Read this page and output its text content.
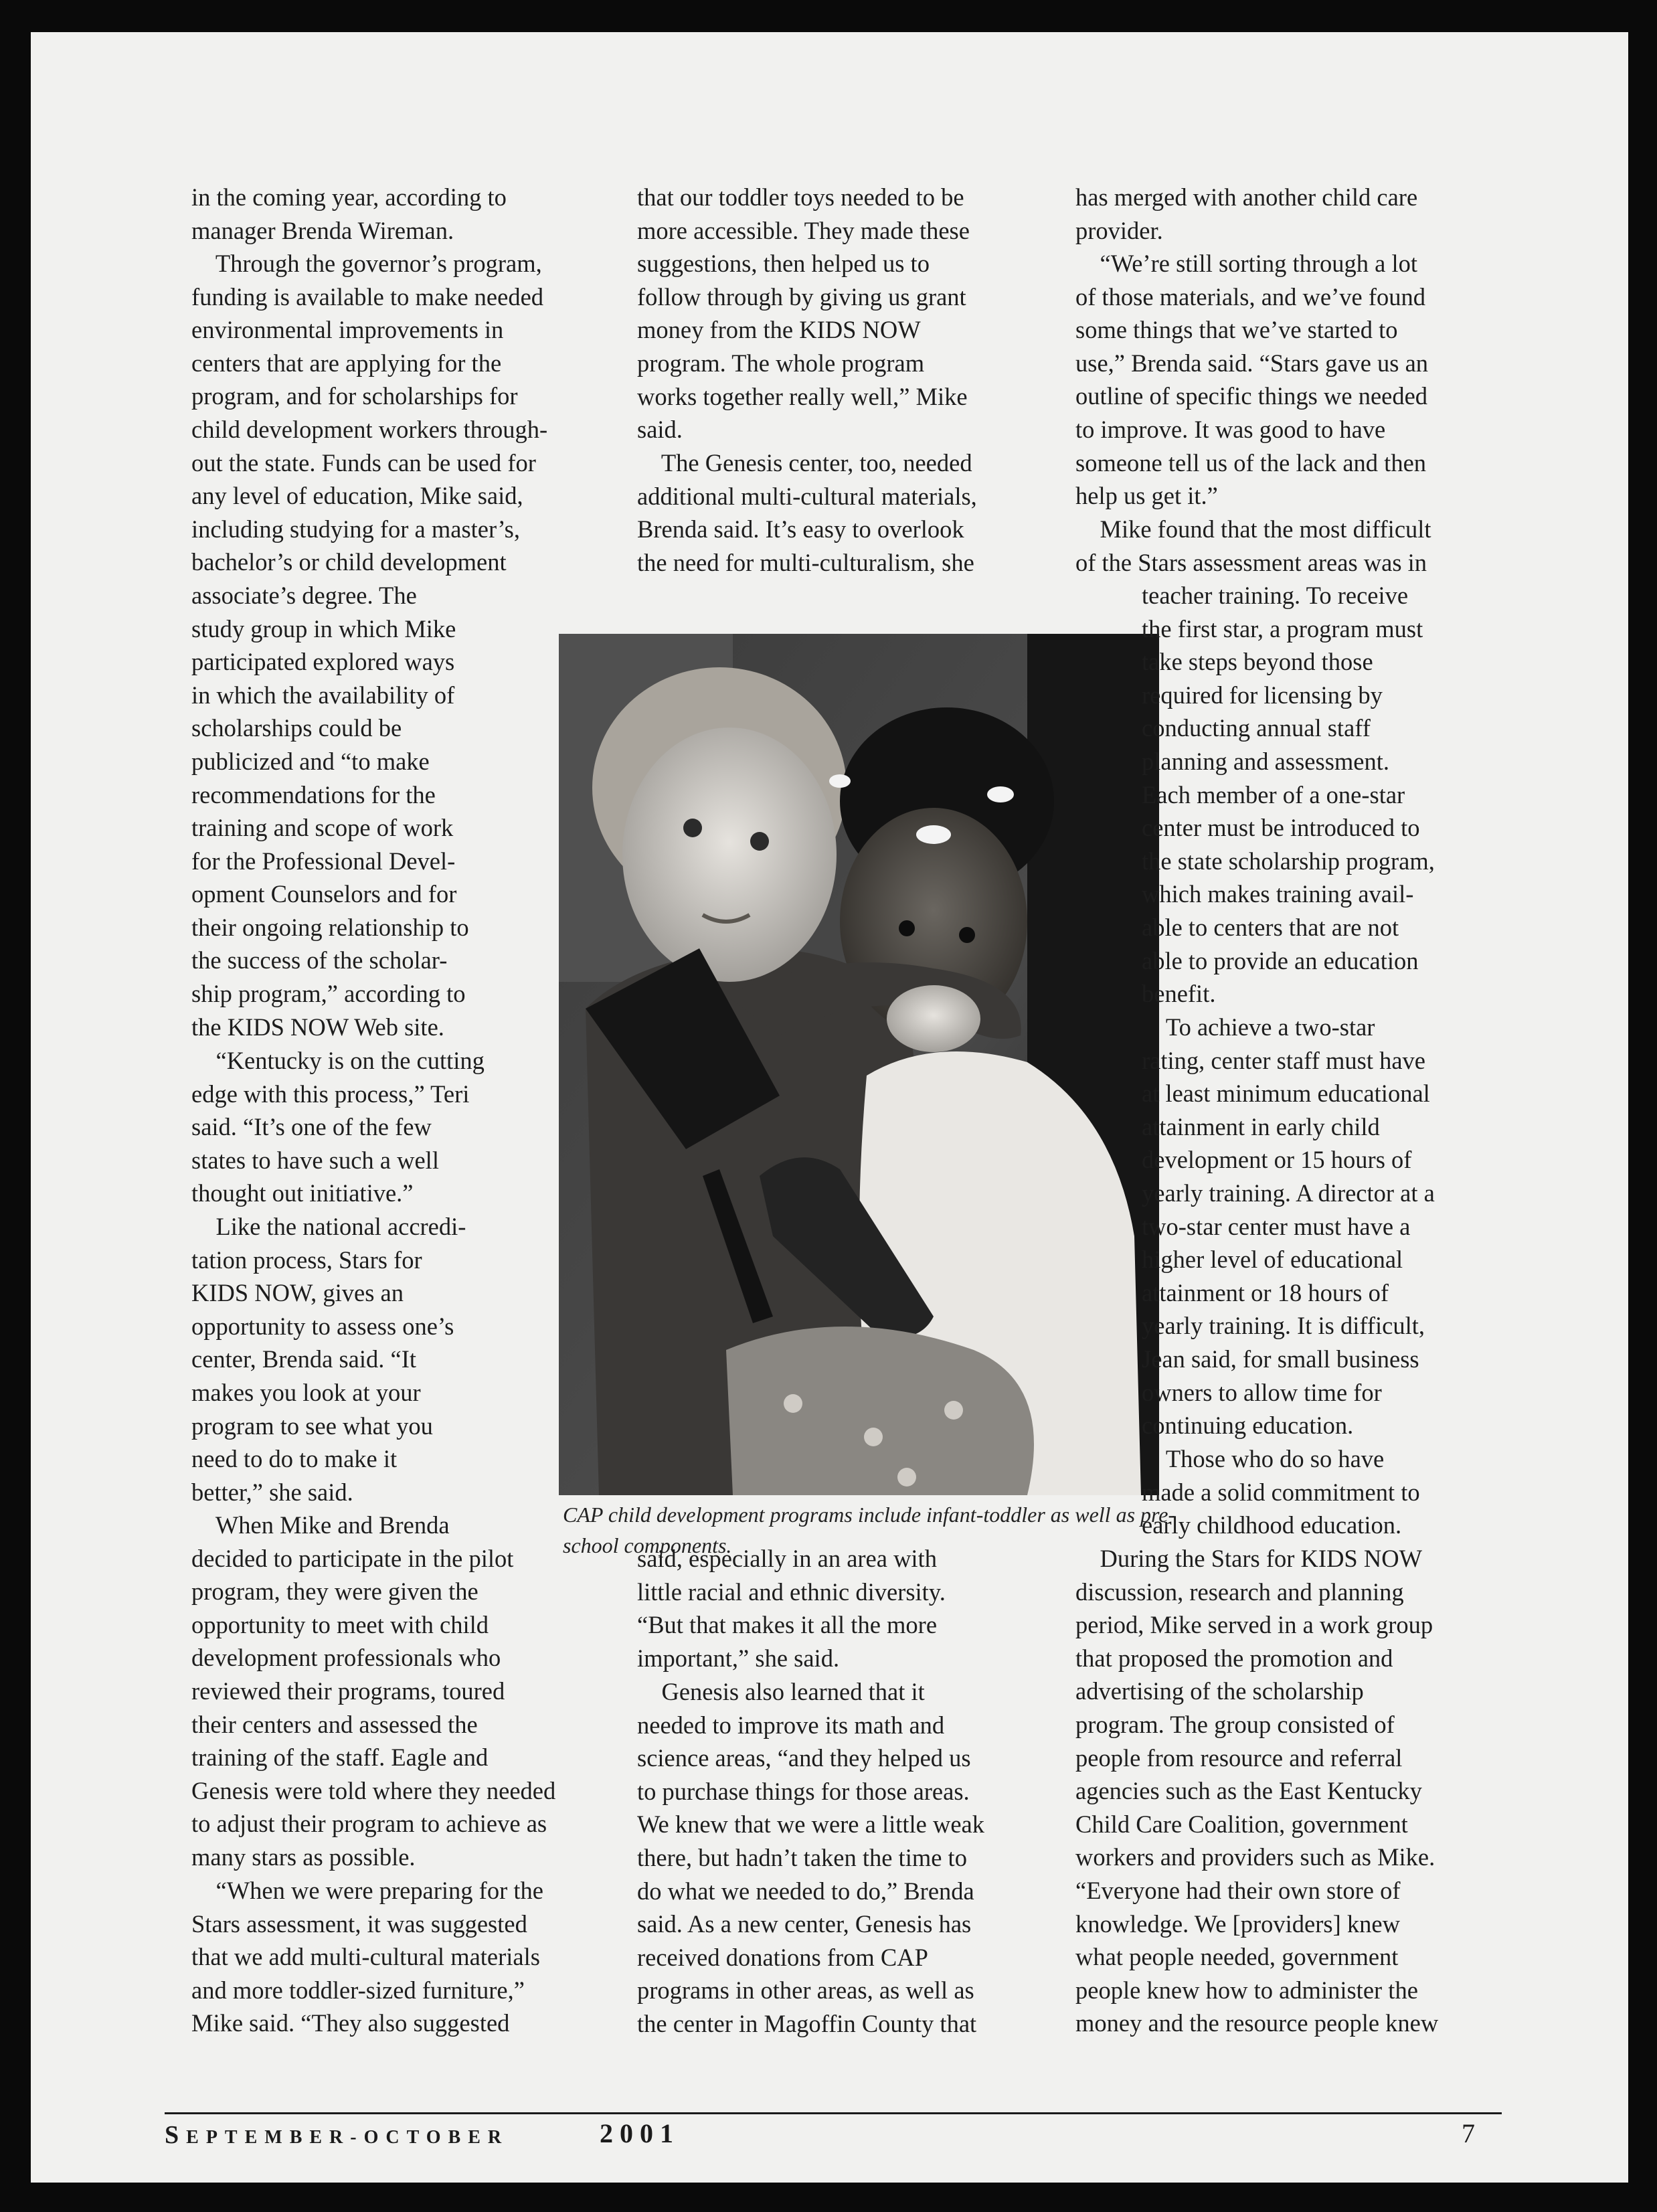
in the coming year, according to
manager Brenda Wireman.

Through the governor’s program,
funding is available to make needed
environmental improvements in
centers that are applying for the
program, and for scholarships for
child development workers through-
out the state. Funds can be used for
any level of education, Mike said,
including studying for a master’s,
bachelor’s or child development
associate’s degree. The
study group in which Mike
participated explored ways
in which the availability of
scholarships could be
publicized and “to make
recommendations for the
training and scope of work
for the Professional Devel-
opment Counselors and for
their ongoing relationship to
the success of the scholar-
ship program,” according to
the KIDS NOW Web site.

“Kentucky is on the cutting
edge with this process,” Teri
said. “It’s one of the few
states to have such a well
thought out initiative.”

Like the national accredi-
tation process, Stars for
KIDS NOW, gives an
opportunity to assess one’s
center, Brenda said. “It
makes you look at your
program to see what you
need to do to make it
better,” she said.

When Mike and Brenda
decided to participate in the pilot
program, they were given the
opportunity to meet with child
development professionals who
reviewed their programs, toured
their centers and assessed the
training of the staff. Eagle and
Genesis were told where they needed
to adjust their program to achieve as
many stars as possible.

“When we were preparing for the
Stars assessment, it was suggested
that we add multi-cultural materials
and more toddler-sized furniture,”
Mike said. “They also suggested

that our toddler toys needed to be
more accessible. They made these
suggestions, then helped us to
follow through by giving us grant
money from the KIDS NOW
program. The whole program
works together really well,” Mike
said.

The Genesis center, too, needed
additional multi-cultural materials,
Brenda said. It’s easy to overlook
the need for multi-culturalism, she

CAP child development programs include infant-toddler as well as pre-school components.

said, especially in an area with
little racial and ethnic diversity.
“But that makes it all the more
important,” she said.

Genesis also learned that it
needed to improve its math and
science areas, “and they helped us
to purchase things for those areas.
We knew that we were a little weak
there, but hadn’t taken the time to
do what we needed to do,” Brenda
said. As a new center, Genesis has
received donations from CAP
programs in other areas, as well as
the center in Magoffin County that

has merged with another child care
provider.

“We’re still sorting through a lot
of those materials, and we’ve found
some things that we’ve started to
use,” Brenda said. “Stars gave us an
outline of specific things we needed
to improve. It was good to have
someone tell us of the lack and then
help us get it.”

Mike found that the most difficult
of the Stars assessment areas was in

teacher training. To receive
the first star, a program must
take steps beyond those
required for licensing by
conducting annual staff
planning and assessment.
Each member of a one-star
center must be introduced to
the state scholarship program,
which makes training avail-
able to centers that are not
able to provide an education
benefit.

To achieve a two-star
rating, center staff must have
at least minimum educational
attainment in early child
development or 15 hours of
yearly training. A director at a
two-star center must have a
higher level of educational
attainment or 18 hours of
yearly training. It is difficult,
Jean said, for small business
owners to allow time for
continuing education.

Those who do so have
made a solid commitment to
early childhood education.

During the Stars for KIDS NOW
discussion, research and planning
period, Mike served in a work group
that proposed the promotion and
advertising of the scholarship
program. The group consisted of
people from resource and referral
agencies such as the East Kentucky
Child Care Coalition, government
workers and providers such as Mike.
“Everyone had their own store of
knowledge. We [providers] knew
what people needed, government
people knew how to administer the
money and the resource people knew

SEPTEMBER-OCTOBER	2001	7
